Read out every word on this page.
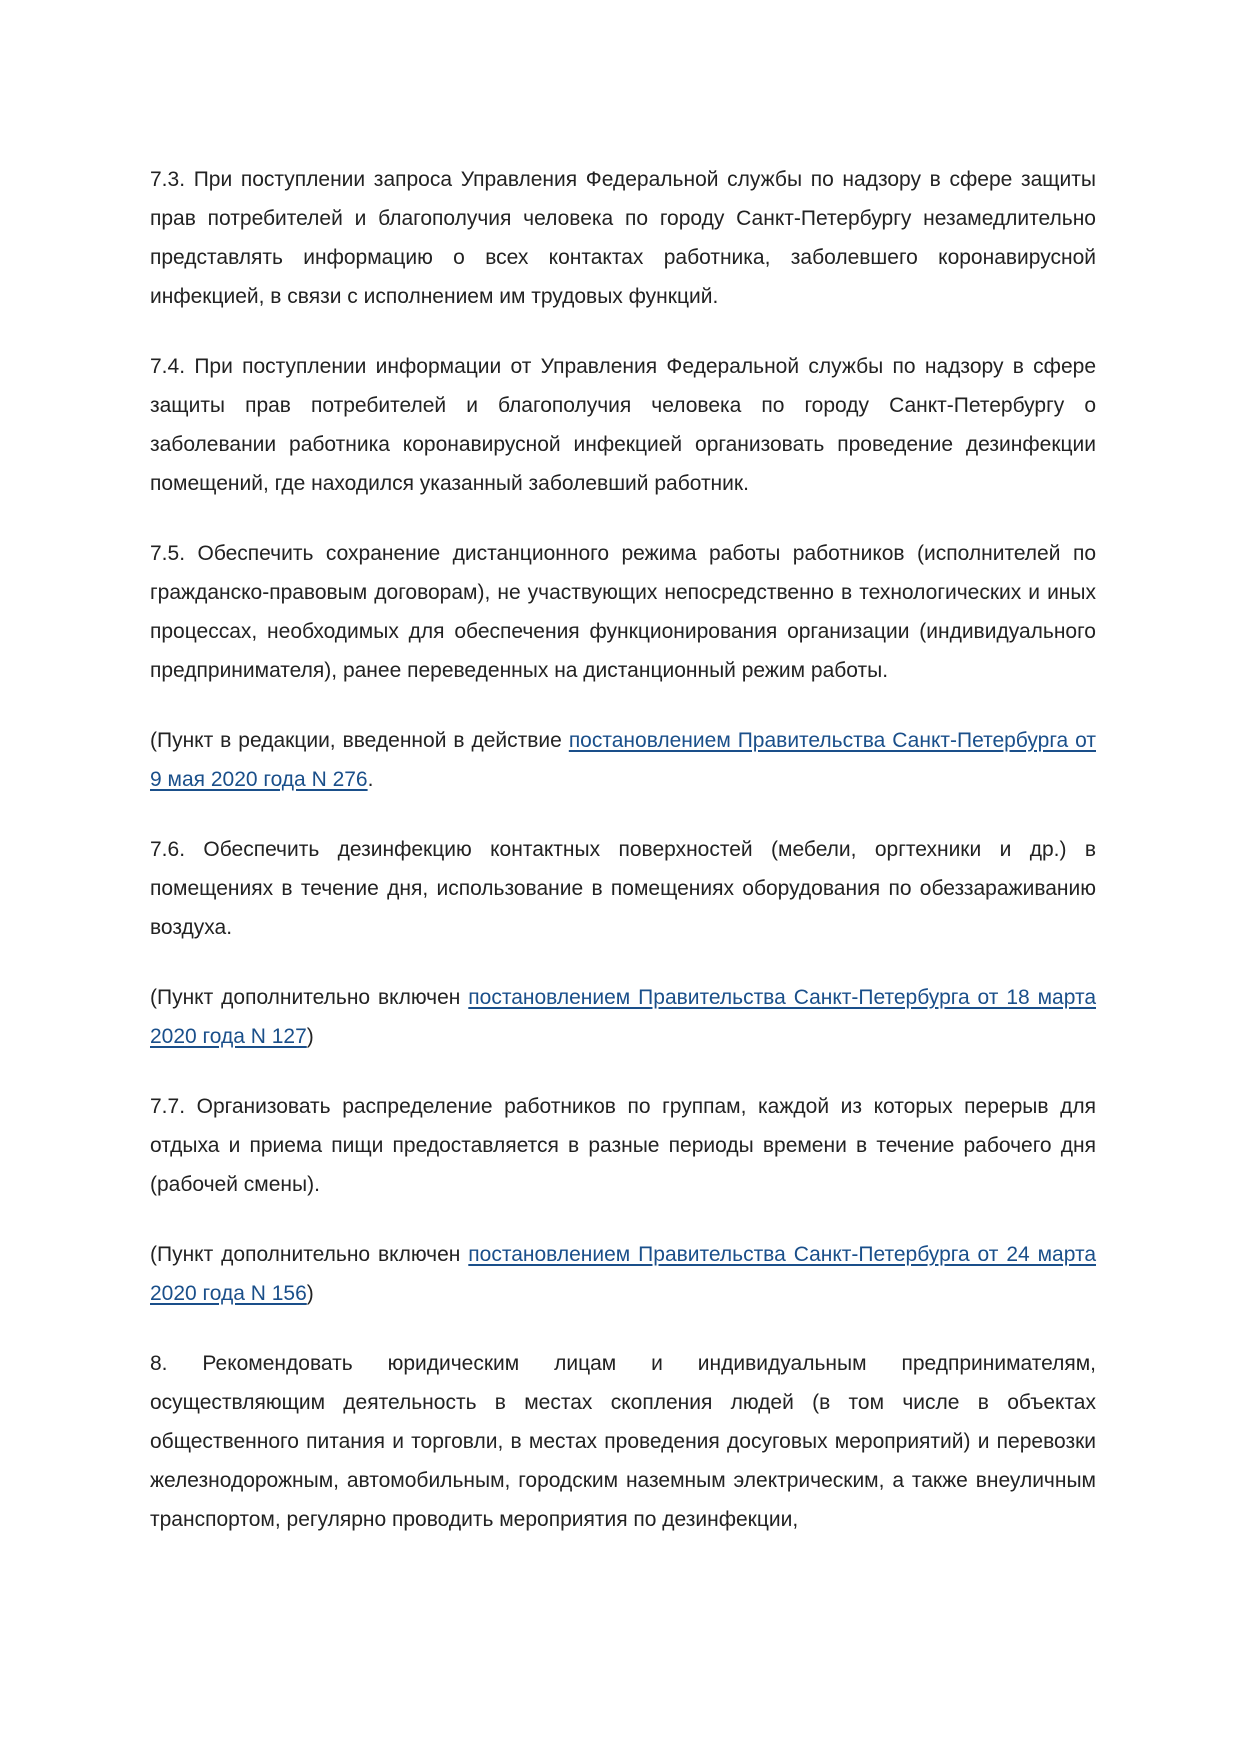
7.3. При поступлении запроса Управления Федеральной службы по надзору в сфере защиты прав потребителей и благополучия человека по городу Санкт-Петербургу незамедлительно представлять информацию о всех контактах работника, заболевшего коронавирусной инфекцией, в связи с исполнением им трудовых функций.

7.4. При поступлении информации от Управления Федеральной службы по надзору в сфере защиты прав потребителей и благополучия человека по городу Санкт-Петербургу о заболевании работника коронавирусной инфекцией организовать проведение дезинфекции помещений, где находился указанный заболевший работник.

7.5. Обеспечить сохранение дистанционного режима работы работников (исполнителей по гражданско-правовым договорам), не участвующих непосредственно в технологических и иных процессах, необходимых для обеспечения функционирования организации (индивидуального предпринимателя), ранее переведенных на дистанционный режим работы.

(Пункт в редакции, введенной в действие постановлением Правительства Санкт-Петербурга от 9 мая 2020 года N 276.

7.6. Обеспечить дезинфекцию контактных поверхностей (мебели, оргтехники и др.) в помещениях в течение дня, использование в помещениях оборудования по обеззараживанию воздуха.

(Пункт дополнительно включен постановлением Правительства Санкт-Петербурга от 18 марта 2020 года N 127)

7.7. Организовать распределение работников по группам, каждой из которых перерыв для отдыха и приема пищи предоставляется в разные периоды времени в течение рабочего дня (рабочей смены).

(Пункт дополнительно включен постановлением Правительства Санкт-Петербурга от 24 марта 2020 года N 156)

8. Рекомендовать юридическим лицам и индивидуальным предпринимателям, осуществляющим деятельность в местах скопления людей (в том числе в объектах общественного питания и торговли, в местах проведения досуговых мероприятий) и перевозки железнодорожным, автомобильным, городским наземным электрическим, а также внеуличным транспортом, регулярно проводить мероприятия по дезинфекции,
